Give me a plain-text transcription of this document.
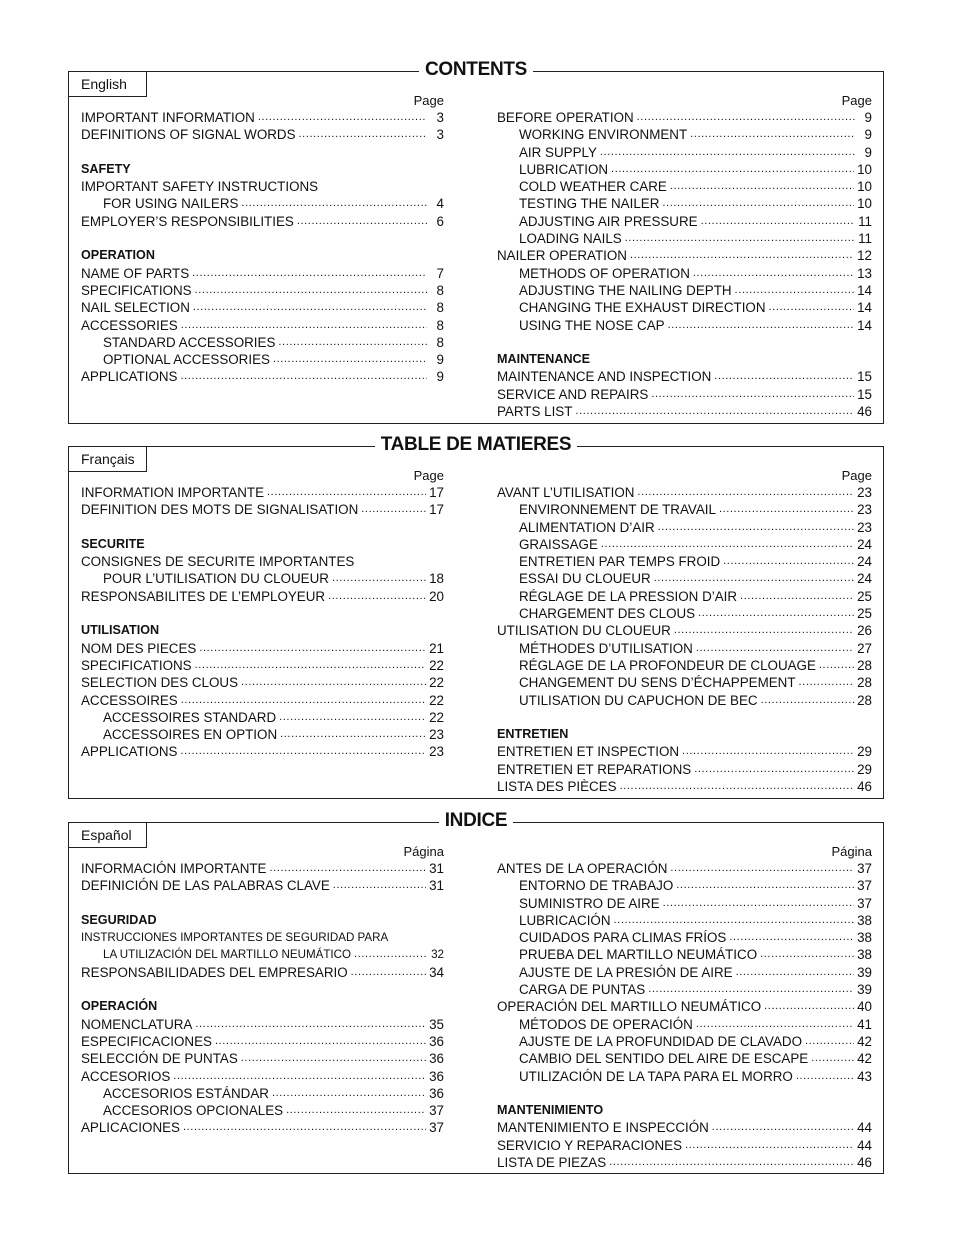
CONTENTS
English
Page
IMPORTANT INFORMATION .....	3
DEFINITIONS OF SIGNAL WORDS .....	3
SAFETY
IMPORTANT SAFETY INSTRUCTIONS
FOR USING NAILERS .....	4
EMPLOYER’S RESPONSIBILITIES .....	6
OPERATION
NAME OF PARTS .....	7
SPECIFICATIONS .....	8
NAIL SELECTION .....	8
ACCESSORIES .....	8
STANDARD ACCESSORIES .....	8
OPTIONAL ACCESSORIES .....	9
APPLICATIONS .....	9
Page
BEFORE OPERATION .....	9
WORKING ENVIRONMENT .....	9
AIR SUPPLY .....	9
LUBRICATION .....	10
COLD WEATHER CARE .....	10
TESTING THE NAILER .....	10
ADJUSTING AIR PRESSURE .....	11
LOADING NAILS .....	11
NAILER OPERATION .....	12
METHODS OF OPERATION .....	13
ADJUSTING THE NAILING DEPTH .....	14
CHANGING THE EXHAUST DIRECTION .....	14
USING THE NOSE CAP .....	14
MAINTENANCE
MAINTENANCE AND INSPECTION .....	15
SERVICE AND REPAIRS .....	15
PARTS LIST .....	46
TABLE DE MATIERES
Français
Page
INFORMATION IMPORTANTE .....	17
DEFINITION DES MOTS DE SIGNALISATION .....	17
SECURITE
CONSIGNES DE SECURITE IMPORTANTES
POUR L’UTILISATION DU CLOUEUR .....	18
RESPONSABILITES DE L’EMPLOYEUR .....	20
UTILISATION
NOM DES PIECES .....	21
SPECIFICATIONS .....	22
SELECTION DES CLOUS .....	22
ACCESSOIRES .....	22
ACCESSOIRES STANDARD .....	22
ACCESSOIRES EN OPTION .....	23
APPLICATIONS .....	23
Page
AVANT L’UTILISATION .....	23
ENVIRONNEMENT DE TRAVAIL .....	23
ALIMENTATION D’AIR .....	23
GRAISSAGE .....	24
ENTRETIEN PAR TEMPS FROID .....	24
ESSAI DU CLOUEUR .....	24
RÉGLAGE DE LA PRESSION D’AIR .....	25
CHARGEMENT DES CLOUS .....	25
UTILISATION DU CLOUEUR .....	26
MÉTHODES D’UTILISATION .....	27
RÉGLAGE DE LA PROFONDEUR DE CLOUAGE .....	28
CHANGEMENT DU SENS D’ÉCHAPPEMENT .....	28
UTILISATION DU CAPUCHON DE BEC .....	28
ENTRETIEN
ENTRETIEN ET INSPECTION .....	29
ENTRETIEN ET REPARATIONS .....	29
LISTA DES PIÈCES .....	46
INDICE
Español
Página
INFORMACIÓN IMPORTANTE .....	31
DEFINICIÓN DE LAS PALABRAS CLAVE .....	31
SEGURIDAD
INSTRUCCIONES IMPORTANTES DE SEGURIDAD PARA
LA UTILIZACIÓN DEL MARTILLO NEUMÁTICO .....	32
RESPONSABILIDADES DEL EMPRESARIO .....	34
OPERACIÓN
NOMENCLATURA .....	35
ESPECIFICACIONES .....	36
SELECCIÓN DE PUNTAS .....	36
ACCESORIOS .....	36
ACCESORIOS ESTÁNDAR .....	36
ACCESORIOS OPCIONALES .....	37
APLICACIONES .....	37
Página
ANTES DE LA OPERACIÓN .....	37
ENTORNO DE TRABAJO .....	37
SUMINISTRO DE AIRE .....	37
LUBRICACIÓN .....	38
CUIDADOS PARA CLIMAS FRÍOS .....	38
PRUEBA DEL MARTILLO NEUMÁTICO .....	38
AJUSTE DE LA PRESIÓN DE AIRE .....	39
CARGA DE PUNTAS .....	39
OPERACIÓN DEL MARTILLO NEUMÁTICO .....	40
MÉTODOS DE OPERACIÓN .....	41
AJUSTE DE LA PROFUNDIDAD DE CLAVADO .....	42
CAMBIO DEL SENTIDO DEL AIRE DE ESCAPE .....	42
UTILIZACIÓN DE LA TAPA PARA EL MORRO .....	43
MANTENIMIENTO
MANTENIMIENTO E INSPECCIÓN .....	44
SERVICIO Y REPARACIONES .....	44
LISTA DE PIEZAS .....	46
